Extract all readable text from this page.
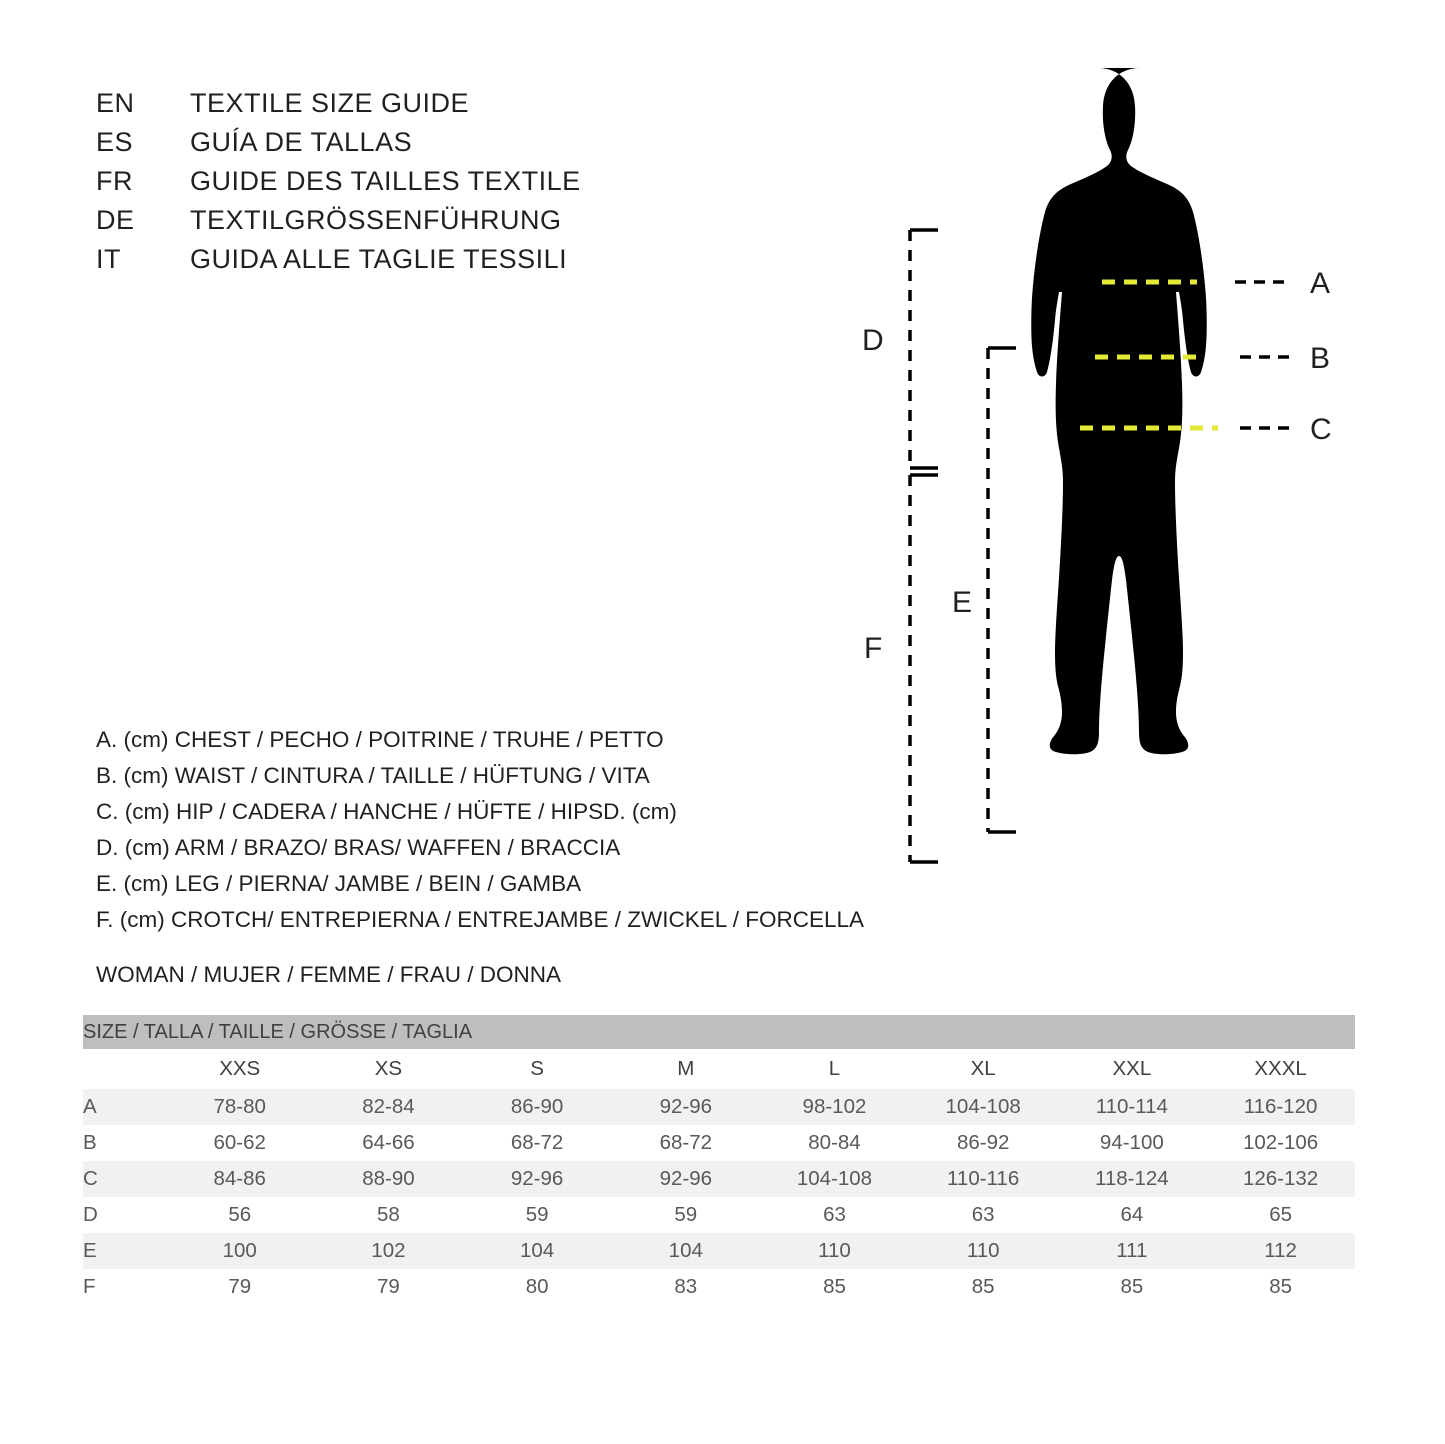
EN	TEXTILE SIZE GUIDE
ES	GUÍA DE TALLAS
FR	GUIDE DES TAILLES TEXTILE
DE	TEXTILGRÖSSENFÜHRUNG
IT	GUIDA ALLE TAGLIE TESSILI
A
B
C
D
F
E
A. (cm) CHEST / PECHO / POITRINE / TRUHE / PETTO
B. (cm) WAIST / CINTURA / TAILLE / HÜFTUNG / VITA
C. (cm) HIP / CADERA / HANCHE / HÜFTE / HIPSD. (cm)
D. (cm) ARM / BRAZO/ BRAS/ WAFFEN / BRACCIA
E. (cm) LEG / PIERNA/ JAMBE / BEIN / GAMBA
F. (cm) CROTCH/ ENTREPIERNA / ENTREJAMBE / ZWICKEL / FORCELLA
WOMAN / MUJER / FEMME / FRAU / DONNA
SIZE / TALLA / TAILLE / GRÖSSE / TAGLIA								
	XXS	XS	S	M	L	XL	XXL	XXXL
A	78-80	82-84	86-90	92-96	98-102	104-108	110-114	116-120
B	60-62	64-66	68-72	68-72	80-84	86-92	94-100	102-106
C	84-86	88-90	92-96	92-96	104-108	110-116	118-124	126-132
D	56	58	59	59	63	63	64	65
E	100	102	104	104	110	110	111	112
F	79	79	80	83	85	85	85	85
